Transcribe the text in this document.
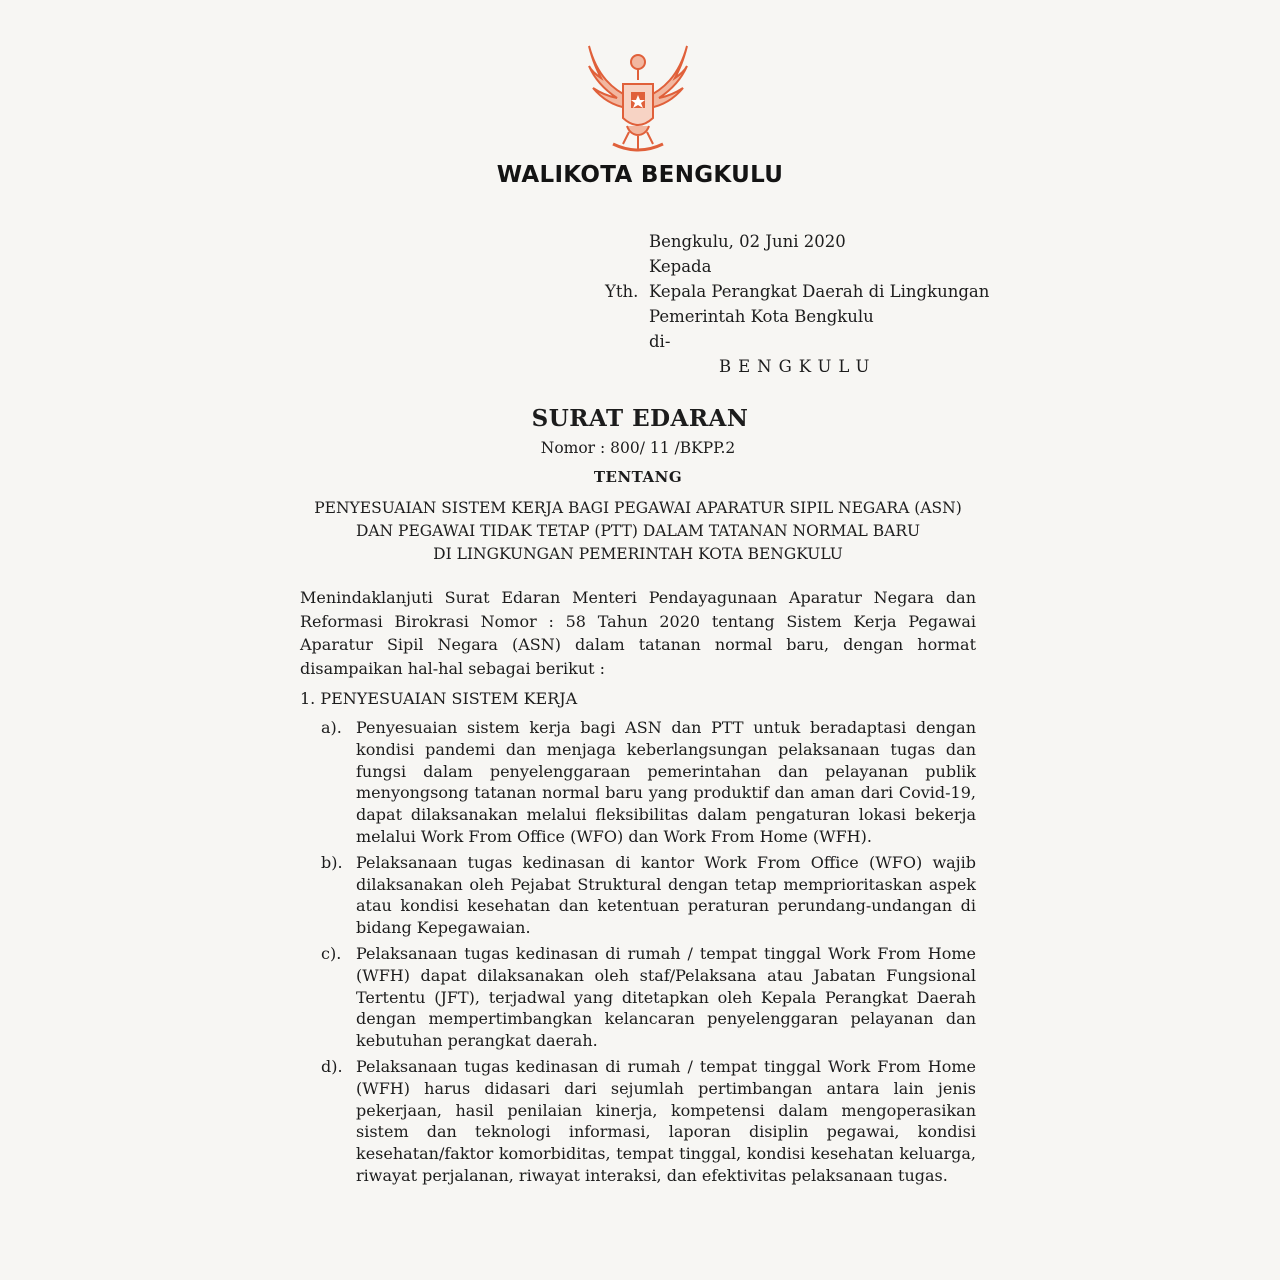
WALIKOTA BENGKULU
Bengkulu, 02 Juni 2020
Kepada
Yth. Kepala Perangkat Daerah di Lingkungan
Pemerintah Kota Bengkulu
di-
BENGKULU
SURAT EDARAN
Nomor : 800/ 11 /BKPP.2
TENTANG
PENYESUAIAN SISTEM KERJA BAGI PEGAWAI APARATUR SIPIL NEGARA (ASN)
DAN PEGAWAI TIDAK TETAP (PTT) DALAM TATANAN NORMAL BARU
DI LINGKUNGAN PEMERINTAH KOTA BENGKULU
Menindaklanjuti Surat Edaran Menteri Pendayagunaan Aparatur Negara dan Reformasi Birokrasi Nomor : 58 Tahun 2020 tentang Sistem Kerja Pegawai Aparatur Sipil Negara (ASN) dalam tatanan normal baru, dengan hormat disampaikan hal-hal sebagai berikut :
1. PENYESUAIAN SISTEM KERJA
a). Penyesuaian sistem kerja bagi ASN dan PTT untuk beradaptasi dengan kondisi pandemi dan menjaga keberlangsungan pelaksanaan tugas dan fungsi dalam penyelenggaraan pemerintahan dan pelayanan publik menyongsong tatanan normal baru yang produktif dan aman dari Covid-19, dapat dilaksanakan melalui fleksibilitas dalam pengaturan lokasi bekerja melalui Work From Office (WFO) dan Work From Home (WFH).
b). Pelaksanaan tugas kedinasan di kantor Work From Office (WFO) wajib dilaksanakan oleh Pejabat Struktural dengan tetap memprioritaskan aspek atau kondisi kesehatan dan ketentuan peraturan perundang-undangan di bidang Kepegawaian.
c). Pelaksanaan tugas kedinasan di rumah / tempat tinggal Work From Home (WFH) dapat dilaksanakan oleh staf/Pelaksana atau Jabatan Fungsional Tertentu (JFT), terjadwal yang ditetapkan oleh Kepala Perangkat Daerah dengan mempertimbangkan kelancaran penyelenggaran pelayanan dan kebutuhan perangkat daerah.
d). Pelaksanaan tugas kedinasan di rumah / tempat tinggal Work From Home (WFH) harus didasari dari sejumlah pertimbangan antara lain jenis pekerjaan, hasil penilaian kinerja, kompetensi dalam mengoperasikan sistem dan teknologi informasi, laporan disiplin pegawai, kondisi kesehatan/faktor komorbiditas, tempat tinggal, kondisi kesehatan keluarga, riwayat perjalanan, riwayat interaksi, dan efektivitas pelaksanaan tugas.
